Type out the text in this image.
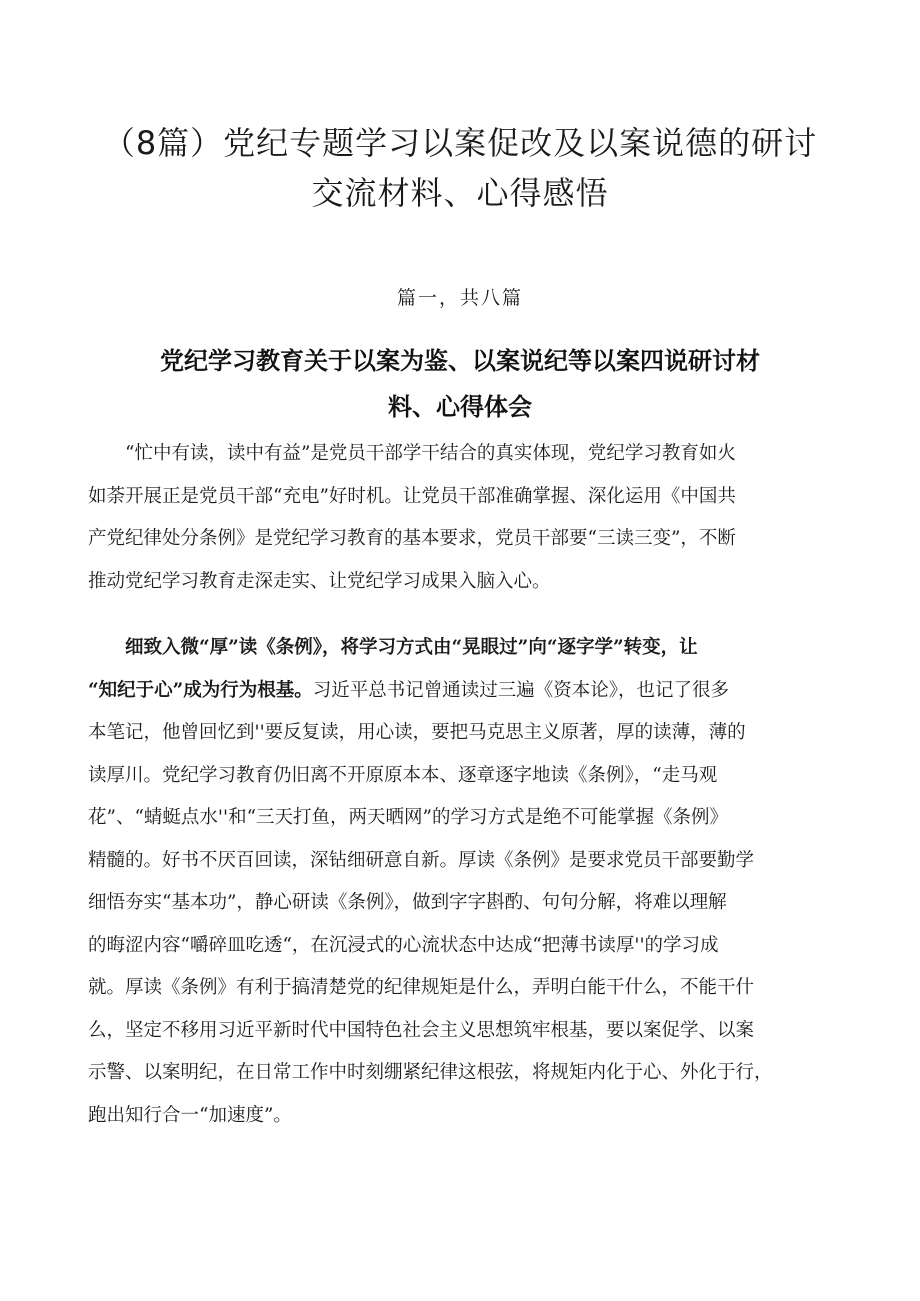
（8篇）党纪专题学习以案促改及以案说德的研讨
交流材料、心得感悟
篇一，共八篇
党纪学习教育关于以案为鉴、以案说纪等以案四说研讨材
料、心得体会
“忙中有读，读中有益”是党员干部学干结合的真实体现，党纪学习教育如火
如荼开展正是党员干部“充电”好时机。让党员干部准确掌握、深化运用《中国共
产党纪律处分条例》是党纪学习教育的基本要求，党员干部要“三读三变”，不断
推动党纪学习教育走深走实、让党纪学习成果入脑入心。
细致入微“厚”读《条例》，将学习方式由“晃眼过”向“逐字学”转变，让
“知纪于心”成为行为根基。习近平总书记曾通读过三遍《资本论》，也记了很多
本笔记，他曾回忆到''要反复读，用心读，要把马克思主义原著，厚的读薄，薄的
读厚川。党纪学习教育仍旧离不开原原本本、逐章逐字地读《条例》，“走马观
花”、“蜻蜓点水''和“三天打鱼，两天晒网”的学习方式是绝不可能掌握《条例》
精髓的。好书不厌百回读，深钻细研意自新。厚读《条例》是要求党员干部要勤学
细悟夯实“基本功”，静心研读《条例》，做到字字斟酌、句句分解，将难以理解
的晦涩内容“嚼碎皿吃透“，在沉浸式的心流状态中达成“把薄书读厚''的学习成
就。厚读《条例》有利于搞清楚党的纪律规矩是什么，弄明白能干什么，不能干什
么，坚定不移用习近平新时代中国特色社会主义思想筑牢根基，要以案促学、以案
示警、以案明纪，在日常工作中时刻绷紧纪律这根弦，将规矩内化于心、外化于行，
跑出知行合一“加速度”。
